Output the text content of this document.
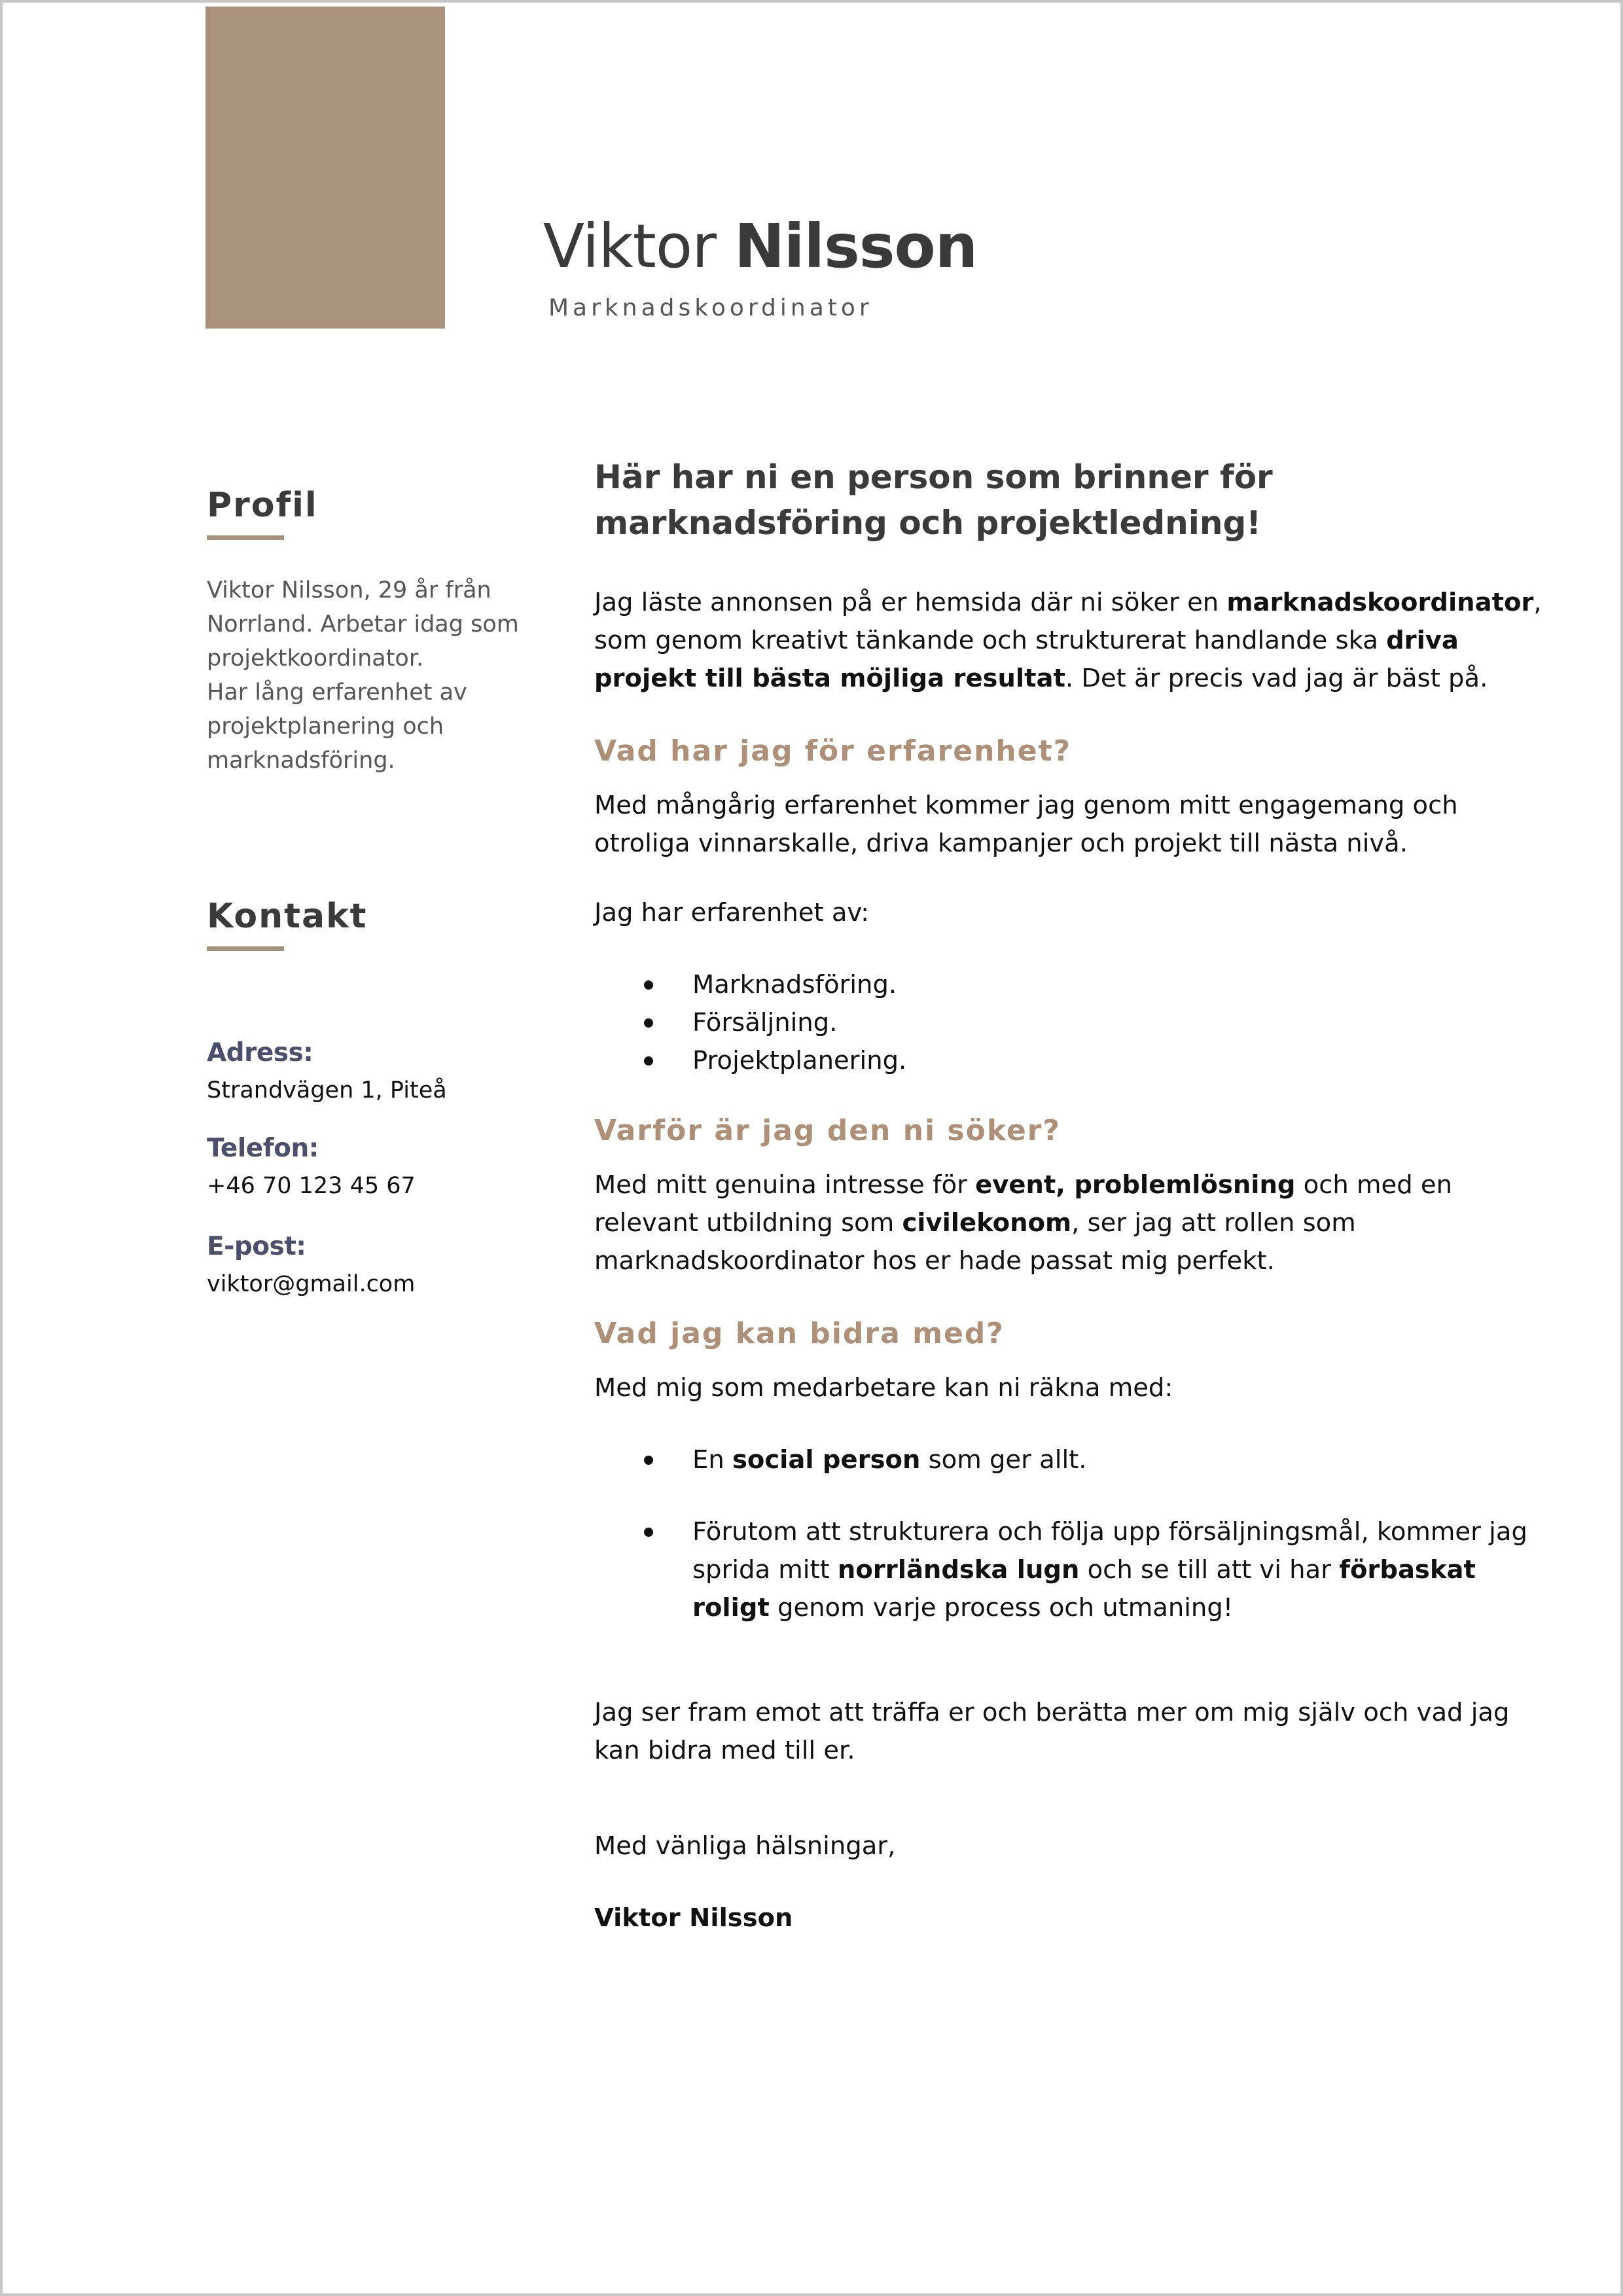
Viktor Nilsson
Marknadskoordinator
Profil

Viktor Nilsson, 29 år från Norrland. Arbetar idag som projektkoordinator.

Har lång erfarenhet av projektplanering och marknadsföring.

Kontakt
Adress:
Strandvägen 1, Piteå
Telefon:
+46 70 123 45 67
E-post:
viktor@gmail.com

Här har ni en person som brinner för marknadsföring och projektledning!

Jag läste annonsen på er hemsida där ni söker en marknadskoordinator, som genom kreativt tänkande och strukturerat handlande ska driva projekt till bästa möjliga resultat. Det är precis vad jag är bäst på.

Vad har jag för erfarenhet?

Med mångårig erfarenhet kommer jag genom mitt engagemang och otroliga vinnarskalle, driva kampanjer och projekt till nästa nivå.

Jag har erfarenhet av:

Marknadsföring.
Försäljning.
Projektplanering.

Varför är jag den ni söker?

Med mitt genuina intresse för event, problemlösning och med en relevant utbildning som civilekonom, ser jag att rollen som marknadskoordinator hos er hade passat mig perfekt.

Vad jag kan bidra med?

Med mig som medarbetare kan ni räkna med:

En social person som ger allt.
Förutom att strukturera och följa upp försäljningsmål, kommer jag sprida mitt norrländska lugn och se till att vi har förbaskat roligt genom varje process och utmaning!

Jag ser fram emot att träffa er och berätta mer om mig själv och vad jag kan bidra med till er.

Med vänliga hälsningar,

Viktor Nilsson
